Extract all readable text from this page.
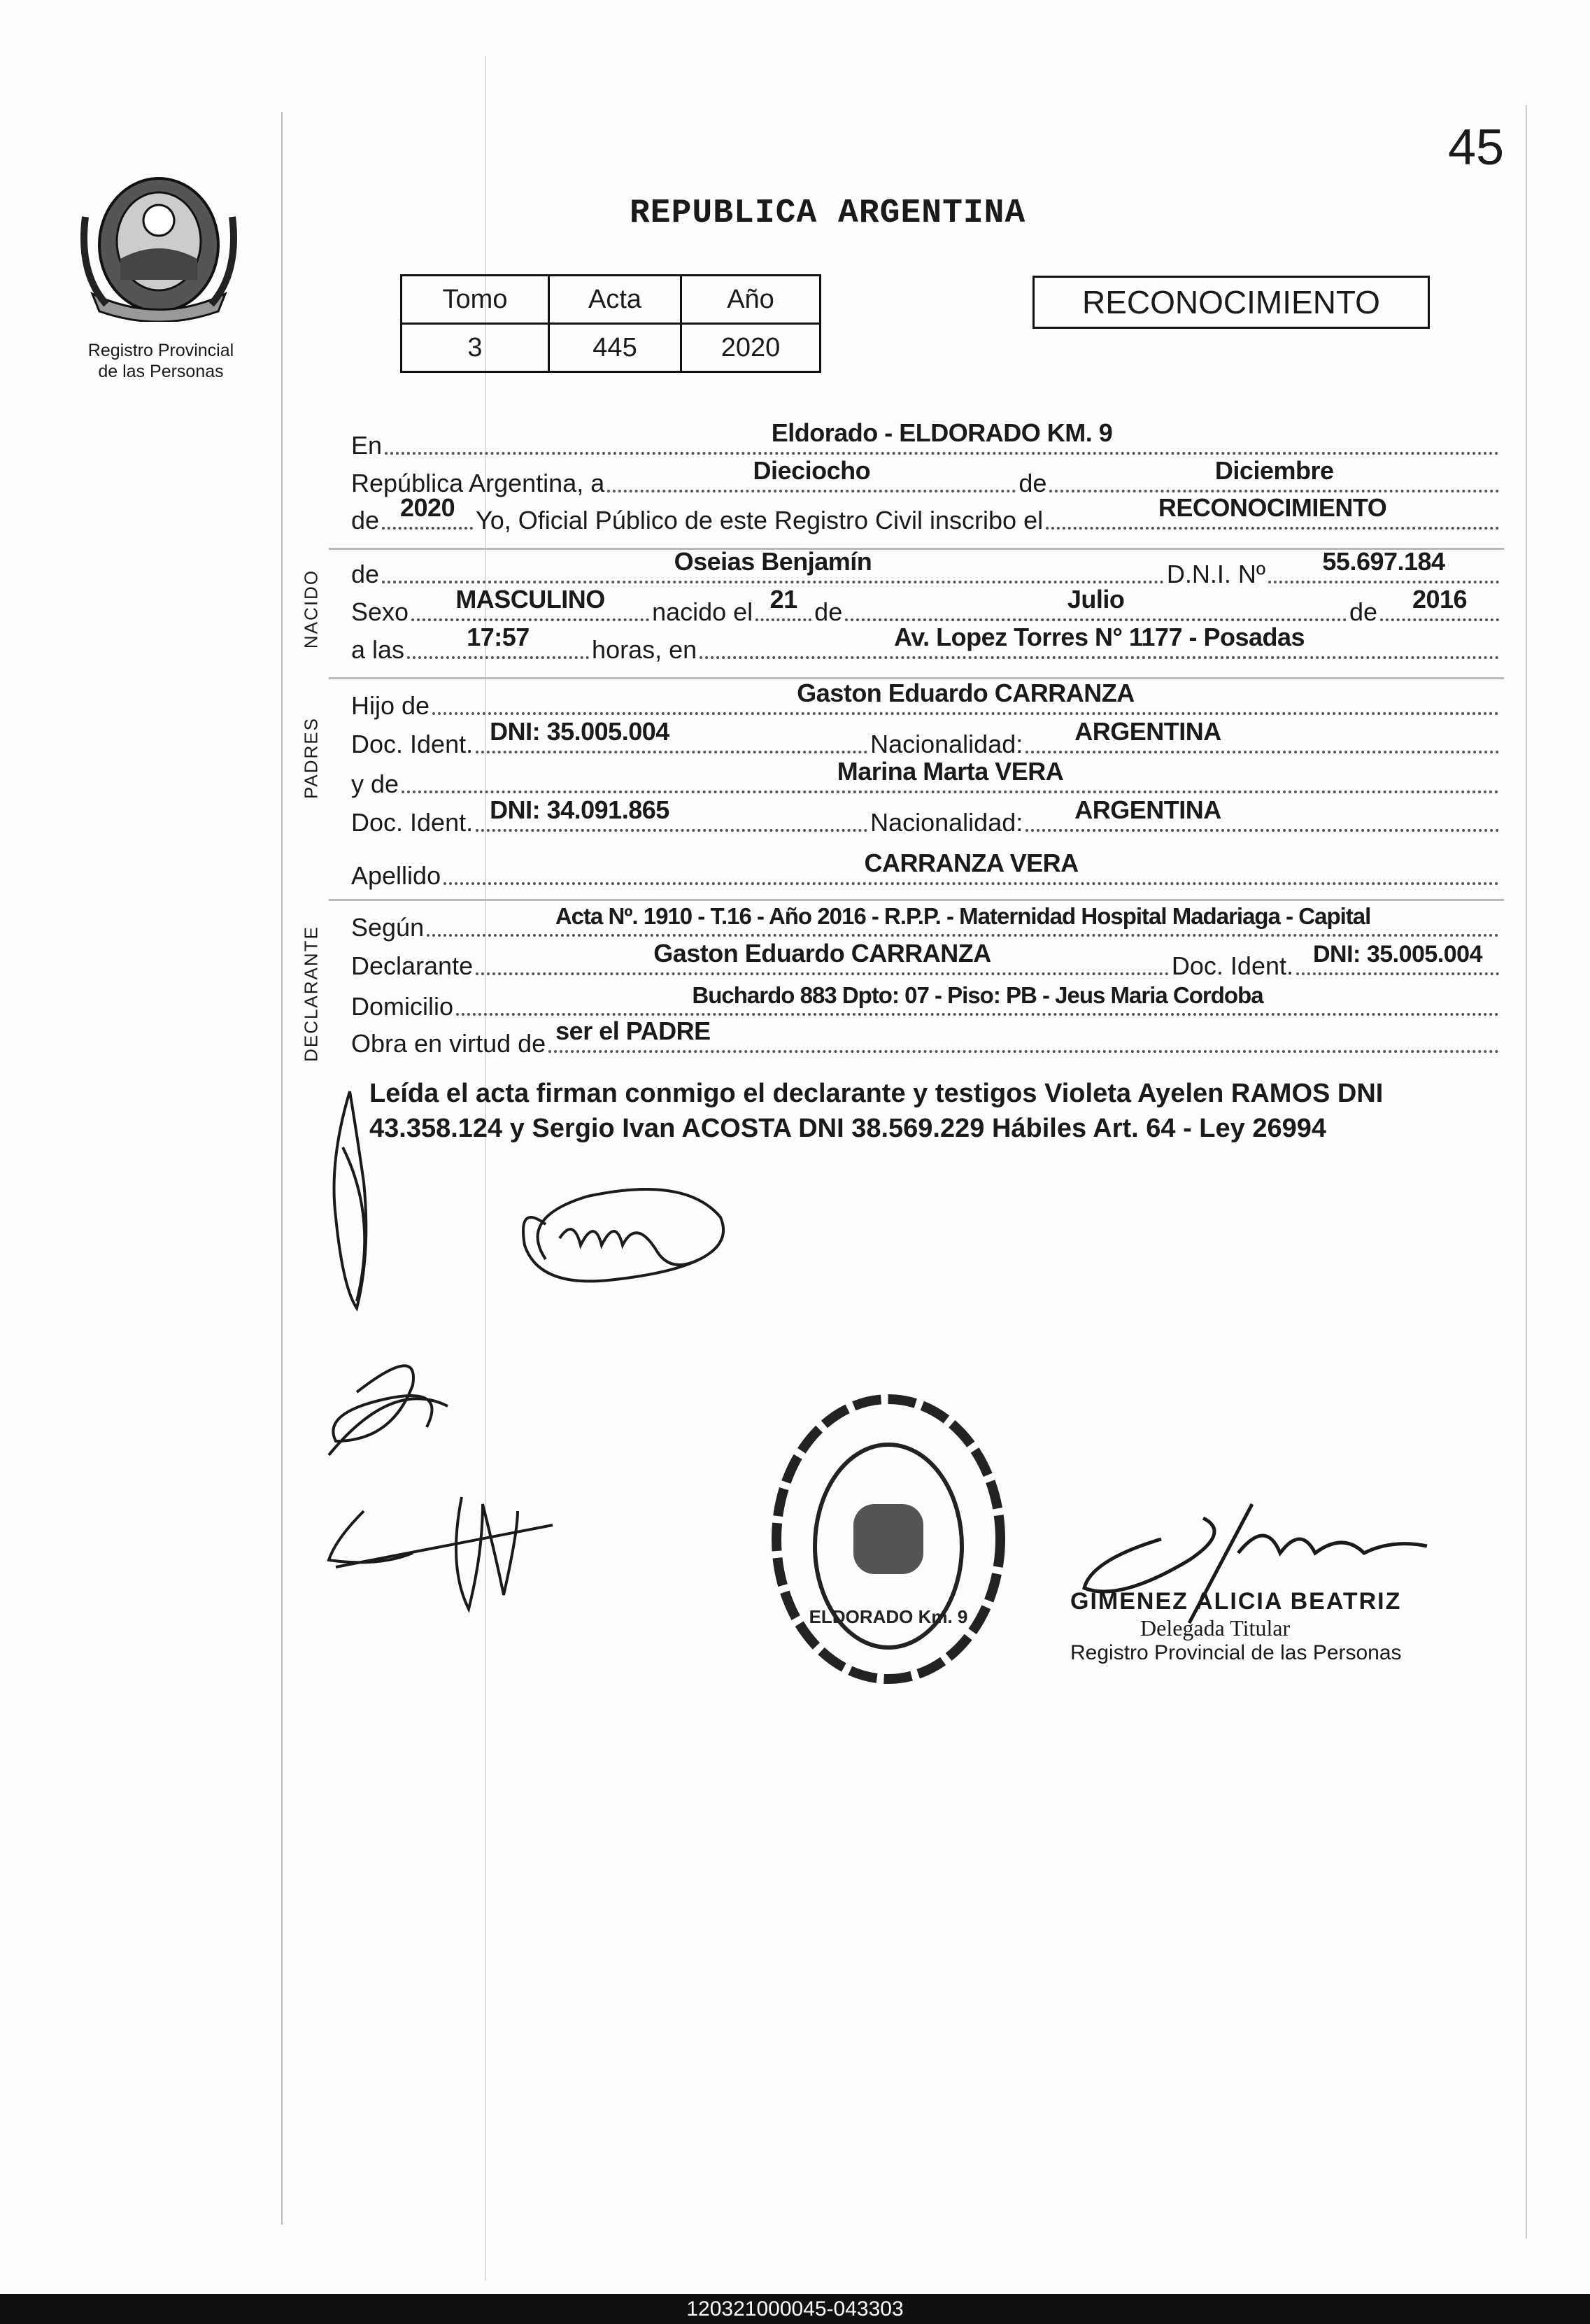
45
Registro Provincial
de las Personas
REPUBLICA ARGENTINA
Tomo	Acta	Año
3	445	2020
RECONOCIMIENTO
En	Eldorado - ELDORADO KM. 9
República Argentina, a	Dieciocho	de	Diciembre
de 2020 Yo, Oficial Público de este Registro Civil inscribo el	RECONOCIMIENTO
de	Oseias Benjamín	D.N.I. Nº	55.697.184
Sexo	MASCULINO	nacido el 21 de	Julio	de	2016
a las	17:57	horas, en	Av. Lopez Torres N° 1177 - Posadas
Hijo de	Gaston Eduardo CARRANZA
Doc. Ident. DNI: 35.005.004	Nacionalidad:	ARGENTINA
y de	Marina Marta VERA
Doc. Ident. DNI: 34.091.865	Nacionalidad:	ARGENTINA
Apellido	CARRANZA VERA
Según	Acta Nº. 1910 - T.16 - Año 2016 - R.P.P. - Maternidad Hospital Madariaga - Capital
Declarante	Gaston Eduardo CARRANZA	Doc. Ident. DNI: 35.005.004
Domicilio	Buchardo 883 Dpto: 07 - Piso: PB - Jeus Maria Cordoba
Obra en virtud de ser el PADRE
NACIDO
PADRES
DECLARANTE
Leída el acta firman conmigo el declarante y testigos Violeta Ayelen RAMOS DNI 43.358.124 y Sergio Ivan ACOSTA DNI 38.569.229 Hábiles Art. 64 - Ley 26994
ELDORADO Km. 9
GIMENEZ ALICIA BEATRIZ
Delegada Titular
Registro Provincial de las Personas
120321000045-043303
